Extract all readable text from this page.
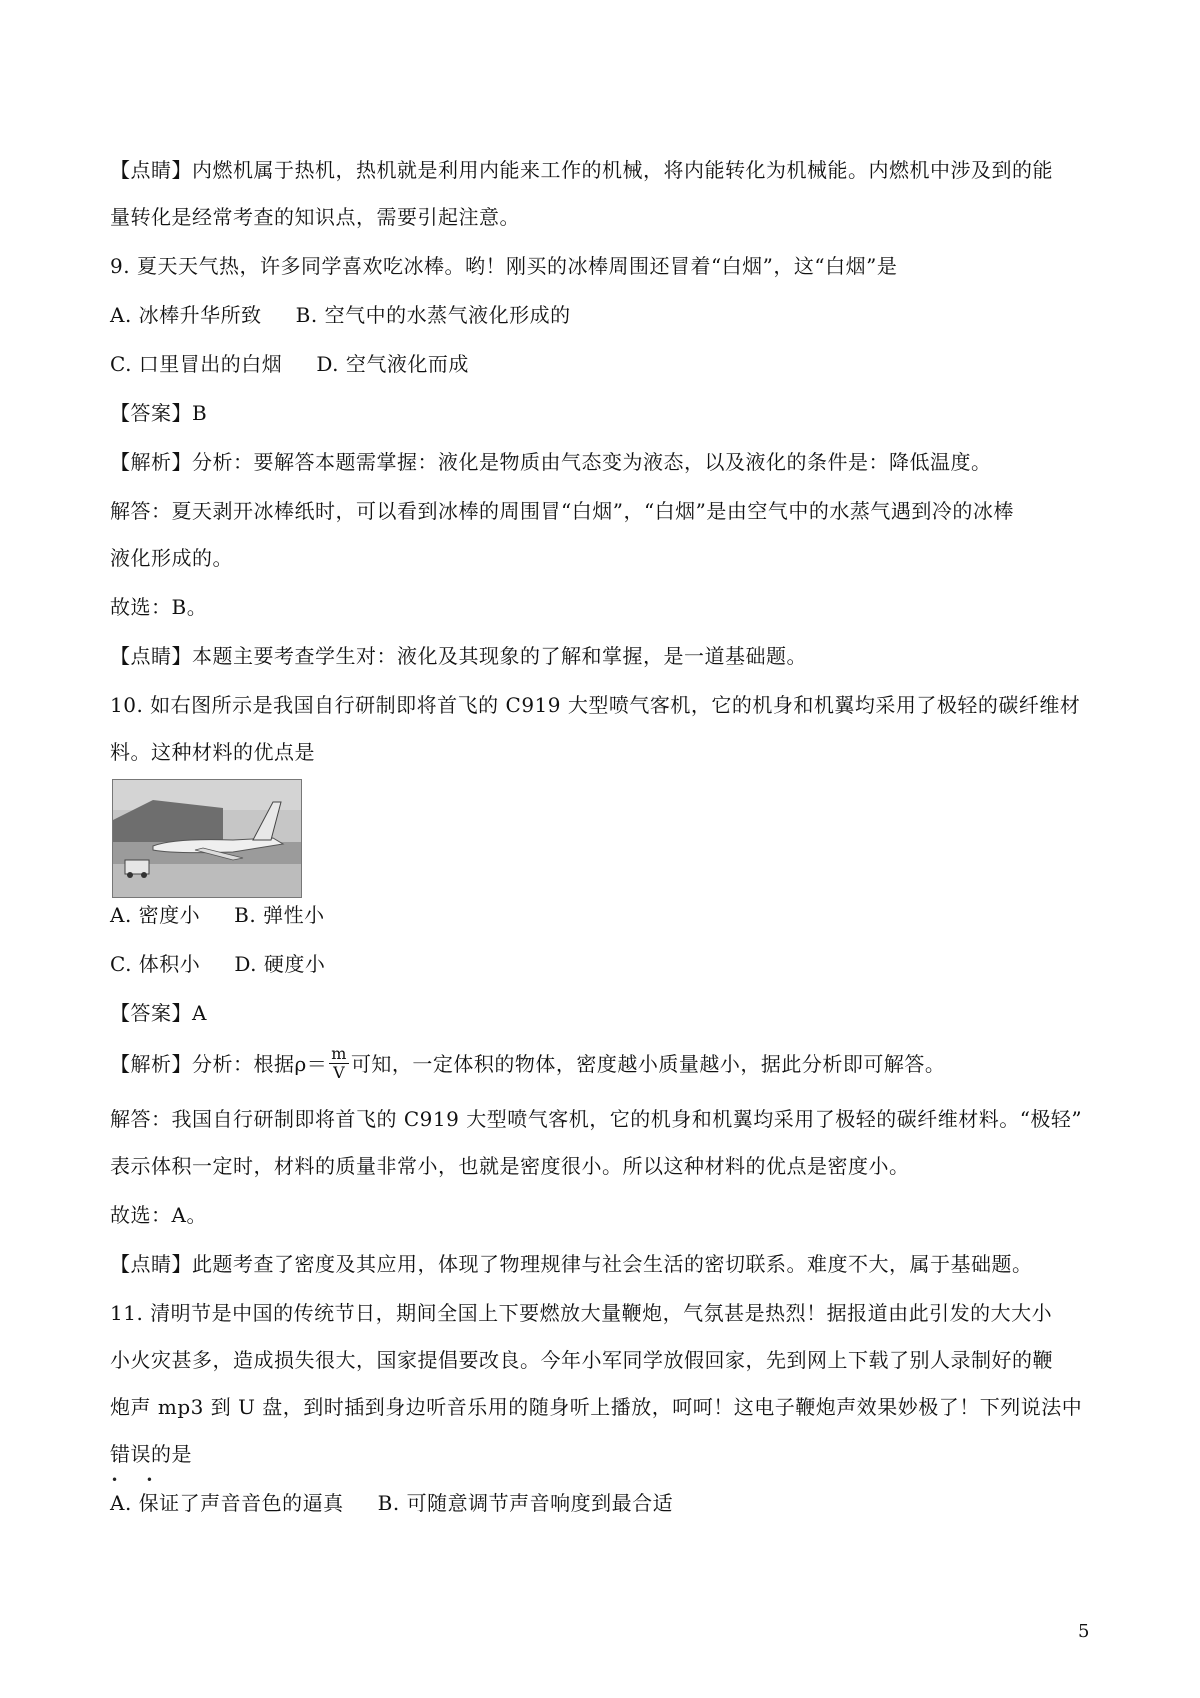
【点睛】内燃机属于热机，热机就是利用内能来工作的机械，将内能转化为机械能。内燃机中涉及到的能
量转化是经常考查的知识点，需要引起注意。
9. 夏天天气热，许多同学喜欢吃冰棒。哟！刚买的冰棒周围还冒着“白烟”，这“白烟”是
A. 冰棒升华所致 B. 空气中的水蒸气液化形成的
C. 口里冒出的白烟 D. 空气液化而成
【答案】B
【解析】分析：要解答本题需掌握：液化是物质由气态变为液态，以及液化的条件是：降低温度。
解答：夏天剥开冰棒纸时，可以看到冰棒的周围冒“白烟”，“白烟”是由空气中的水蒸气遇到冷的冰棒
液化形成的。
故选：B。
【点睛】本题主要考查学生对：液化及其现象的了解和掌握，是一道基础题。
10. 如右图所示是我国自行研制即将首飞的 C919 大型喷气客机，它的机身和机翼均采用了极轻的碳纤维材
料。这种材料的优点是
A. 密度小 B. 弹性小
C. 体积小 D. 硬度小
【答案】A
【解析】分析：根据$\rho= \frac{m}{V}$ 可知，一定体积的物体，密度越小质量越小，据此分析即可解答。
解答：我国自行研制即将首飞的 C919 大型喷气客机，它的机身和机翼均采用了极轻的碳纤维材料。“极轻”
表示体积一定时，材料的质量非常小，也就是密度很小。所以这种材料的优点是密度小。
故选：A。
【点睛】此题考查了密度及其应用，体现了物理规律与社会生活的密切联系。难度不大，属于基础题。
11. 清明节是中国的传统节日，期间全国上下要燃放大量鞭炮，气氛甚是热烈！据报道由此引发的大大小
小火灾甚多，造成损失很大，国家提倡要改良。今年小军同学放假回家，先到网上下载了别人录制好的鞭
炮声 mp3 到 U 盘，到时插到身边听音乐用的随身听上播放，呵呵！这电子鞭炮声效果妙极了！下列说法中
错误的是
• •
A. 保证了声音音色的逼真 B. 可随意调节声音响度到最合适
5
